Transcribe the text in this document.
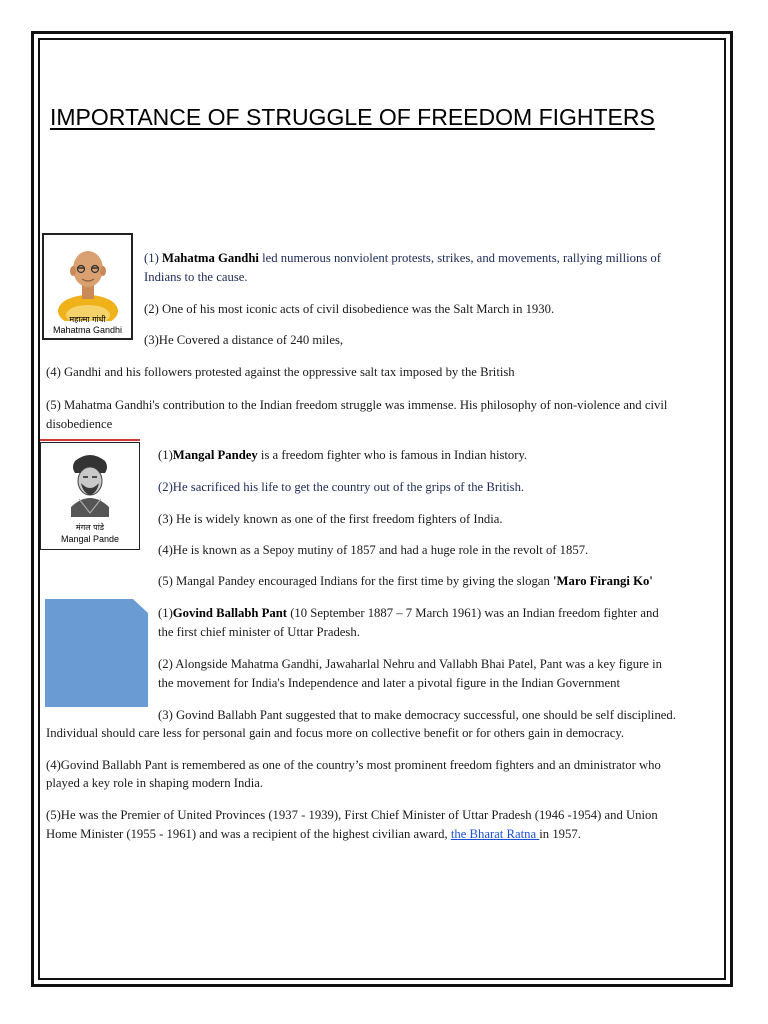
IMPORTANCE OF STRUGGLE OF FREEDOM FIGHTERS
महात्मा गांधी
Mahatma Gandhi

(1) Mahatma Gandhi led numerous nonviolent protests, strikes, and movements, rallying millions of

Indians to the cause.

(2) One of his most iconic acts of civil disobedience was the Salt March in 1930.

(3)He Covered a distance of 240 miles,

(4) Gandhi and his followers protested against the oppressive salt tax imposed by the British

(5) Mahatma Gandhi's contribution to the Indian freedom struggle was immense. His philosophy of non-violence and civil

disobedience

मंगल पांडे
Mangal Pande

(1)Mangal Pandey is a freedom fighter who is famous in Indian history.

(2)He sacrificed his life to get the country out of the grips of the British.

(3) He is widely known as one of the first freedom fighters of India.

(4)He is known as a Sepoy mutiny of 1857 and had a huge role in the revolt of 1857.

(5) Mangal Pandey encouraged Indians for the first time by giving the slogan 'Maro Firangi Ko'

(1)Govind Ballabh Pant (10 September 1887 – 7 March 1961) was an Indian freedom fighter and

the first chief minister of Uttar Pradesh.

(2) Alongside Mahatma Gandhi, Jawaharlal Nehru and Vallabh Bhai Patel, Pant was a key figure in

the movement for India's Independence and later a pivotal figure in the Indian Government

(3) Govind Ballabh Pant suggested that to make democracy successful, one should be self disciplined.

Individual should care less for personal gain and focus more on collective benefit or for others gain in democracy.

(4)Govind Ballabh Pant is remembered as one of the country’s most prominent freedom fighters and an dministrator who

played a key role in shaping modern India.

(5)He was the Premier of United Provinces (1937 - 1939), First Chief Minister of Uttar Pradesh (1946 -1954) and Union

Home Minister (1955 - 1961) and was a recipient of the highest civilian award, the Bharat Ratna in 1957.
